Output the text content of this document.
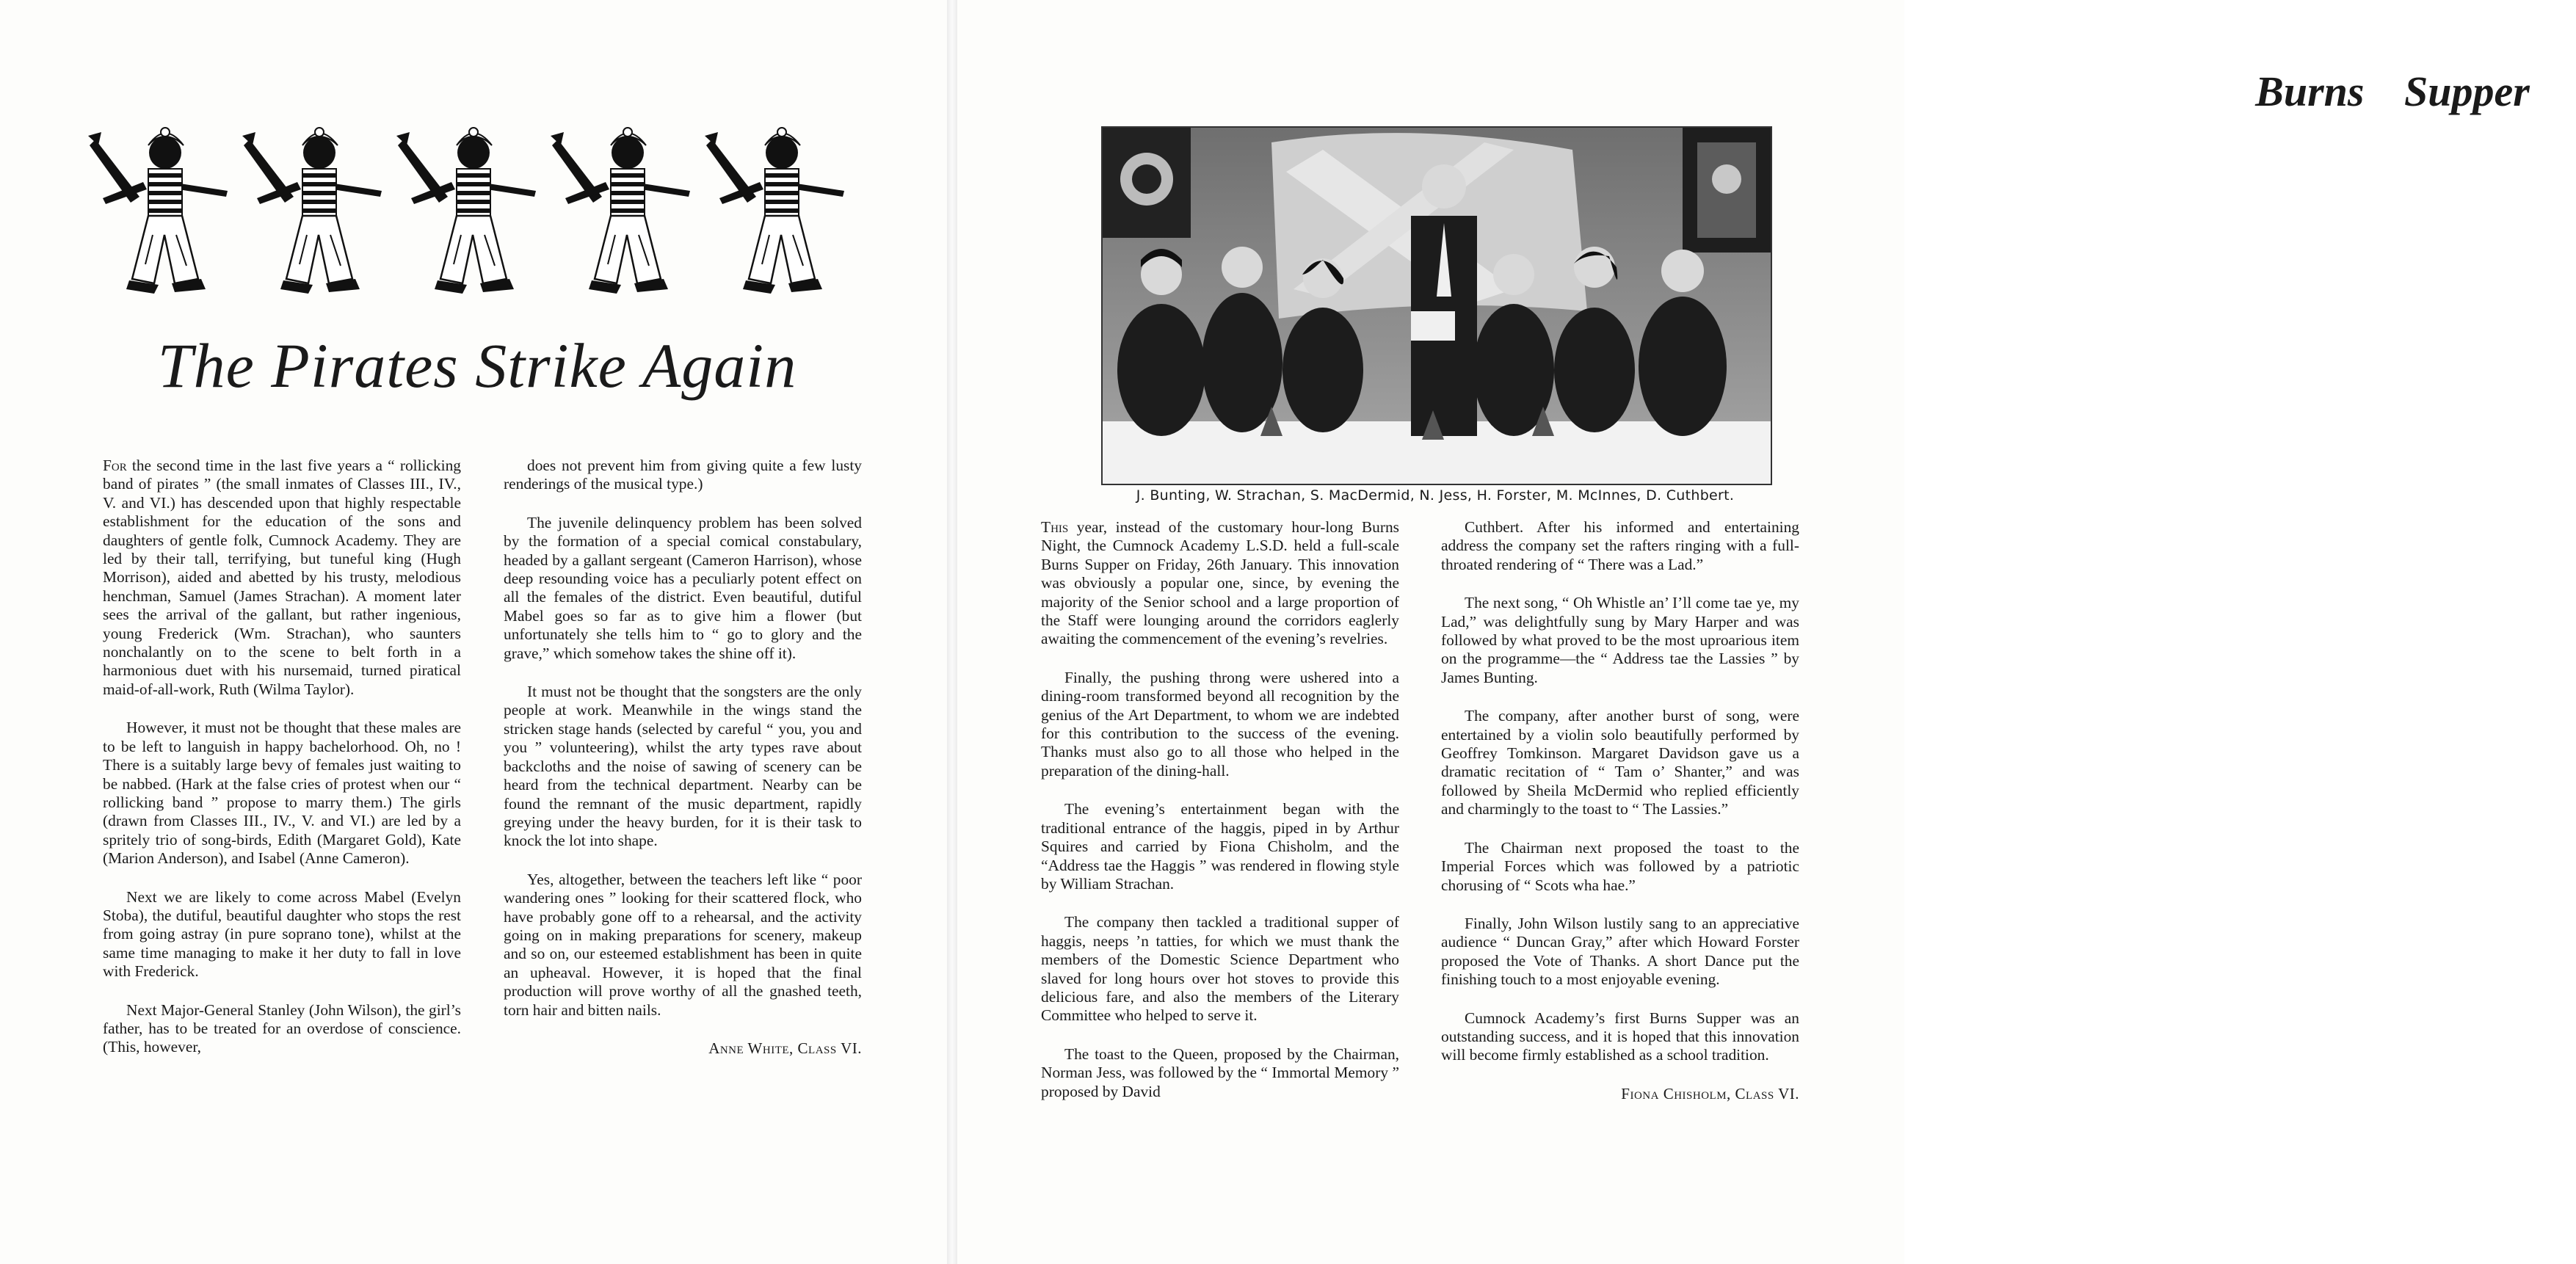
The Pirates Strike Again

For the second time in the last five years a “ rollicking band of pirates ” (the small inmates of Classes III., IV., V. and VI.) has descended upon that highly respectable establishment for the education of the sons and daughters of gentle folk, Cumnock Academy. They are led by their tall, terrifying, but tuneful king (Hugh Morrison), aided and abetted by his trusty, melodious henchman, Samuel (James Strachan). A moment later sees the arrival of the gallant, but rather ingenious, young Frederick (Wm. Strachan), who saunters nonchalantly on to the scene to belt forth in a harmonious duet with his nursemaid, turned piratical maid-of-all-work, Ruth (Wilma Taylor).

However, it must not be thought that these males are to be left to languish in happy bachelorhood. Oh, no ! There is a suitably large bevy of females just waiting to be nabbed. (Hark at the false cries of protest when our “ rollicking band ” propose to marry them.) The girls (drawn from Classes III., IV., V. and VI.) are led by a spritely trio of song-birds, Edith (Margaret Gold), Kate (Marion Anderson), and Isabel (Anne Cameron).

Next we are likely to come across Mabel (Evelyn Stoba), the dutiful, beautiful daughter who stops the rest from going astray (in pure soprano tone), whilst at the same time managing to make it her duty to fall in love with Frederick.

Next Major-General Stanley (John Wilson), the girl’s father, has to be treated for an overdose of conscience. (This, however,

does not prevent him from giving quite a few lusty renderings of the musical type.)

The juvenile delinquency problem has been solved by the formation of a special comical constabulary, headed by a gallant sergeant (Cameron Harrison), whose deep resounding voice has a peculiarly potent effect on all the females of the district. Even beautiful, dutiful Mabel goes so far as to give him a flower (but unfortunately she tells him to “ go to glory and the grave,” which somehow takes the shine off it).

It must not be thought that the songsters are the only people at work. Meanwhile in the wings stand the stricken stage hands (selected by careful “ you, you and you ” volunteering), whilst the arty types rave about backcloths and the noise of sawing of scenery can be heard from the technical department. Nearby can be found the remnant of the music department, rapidly greying under the heavy burden, for it is their task to knock the lot into shape.

Yes, altogether, between the teachers left like “ poor wandering ones ” looking for their scattered flock, who have probably gone off to a rehearsal, and the activity going on in making preparations for scenery, makeup and so on, our esteemed establishment has been in quite an upheaval. However, it is hoped that the final production will prove worthy of all the gnashed teeth, torn hair and bitten nails.

Anne White, Class VI.
Burns Supper
J. Bunting, W. Strachan, S. MacDermid, N. Jess, H. Forster, M. McInnes, D. Cuthbert.

This year, instead of the customary hour-long Burns Night, the Cumnock Academy L.S.D. held a full-scale Burns Supper on Friday, 26th January. This innovation was obviously a popular one, since, by evening the majority of the Senior school and a large proportion of the Staff were lounging around the corridors eaglerly awaiting the commencement of the evening’s revelries.

Finally, the pushing throng were ushered into a dining-room transformed beyond all recognition by the genius of the Art Department, to whom we are indebted for this contribution to the success of the evening. Thanks must also go to all those who helped in the preparation of the dining-hall.

The evening’s entertainment began with the traditional entrance of the haggis, piped in by Arthur Squires and carried by Fiona Chisholm, and the “Address tae the Haggis ” was rendered in flowing style by William Strachan.

The company then tackled a traditional supper of haggis, neeps ’n tatties, for which we must thank the members of the Domestic Science Department who slaved for long hours over hot stoves to provide this delicious fare, and also the members of the Literary Committee who helped to serve it.

The toast to the Queen, proposed by the Chairman, Norman Jess, was followed by the “ Immortal Memory ” proposed by David

Cuthbert. After his informed and entertaining address the company set the rafters ringing with a full-throated rendering of “ There was a Lad.”

The next song, “ Oh Whistle an’ I’ll come tae ye, my Lad,” was delightfully sung by Mary Harper and was followed by what proved to be the most uproarious item on the programme—the “ Address tae the Lassies ” by James Bunting.

The company, after another burst of song, were entertained by a violin solo beautifully performed by Geoffrey Tomkinson. Margaret Davidson gave us a dramatic recitation of “ Tam o’ Shanter,” and was followed by Sheila McDermid who replied efficiently and charmingly to the toast to “ The Lassies.”

The Chairman next proposed the toast to the Imperial Forces which was followed by a patriotic chorusing of “ Scots wha hae.”

Finally, John Wilson lustily sang to an appreciative audience “ Duncan Gray,” after which Howard Forster proposed the Vote of Thanks. A short Dance put the finishing touch to a most enjoyable evening.

Cumnock Academy’s first Burns Supper was an outstanding success, and it is hoped that this innovation will become firmly established as a school tradition.

Fiona Chisholm, Class VI.
